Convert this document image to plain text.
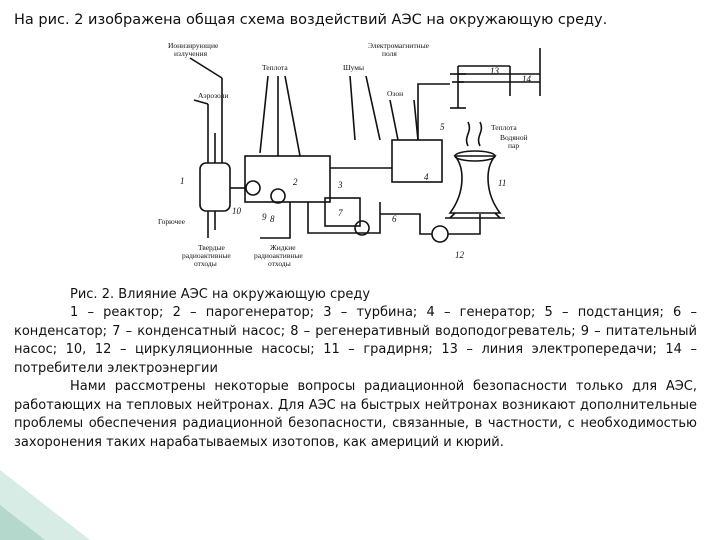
На рис. 2 изображена общая схема воздействий АЭС на окружающую среду.
Ионизирующие
излучения
Теплота	Шумы
Электромагнитные
поля
Аэрозоли	Озон
Теплота
Водяной
пар
Горючее
Твердые
радиоактивные
отходы
Жидкие
радиоактивные
отходы
1	2	3
4
5
6
7
8
9
10
11
12
13
14
Рис. 2. Влияние АЭС на окружающую среду

1 – реактор; 2 – парогенератор; 3 – турбина; 4 – генератор; 5 – подстанция; 6 – конденсатор; 7 – конденсатный насос; 8 – регенеративный водоподогреватель; 9 – питательный насос; 10, 12 – циркуляционные насосы; 11 – градирня; 13 – линия электропередачи; 14 – потребители электроэнергии

Нами рассмотрены некоторые вопросы радиационной безопасности только для АЭС, работающих на тепловых нейтронах. Для АЭС на быстрых нейтронах возникают дополнительные проблемы обеспечения радиационной безопасности, связанные, в частности, с необходимостью захоронения таких нарабатываемых изотопов, как америций и кюрий.
